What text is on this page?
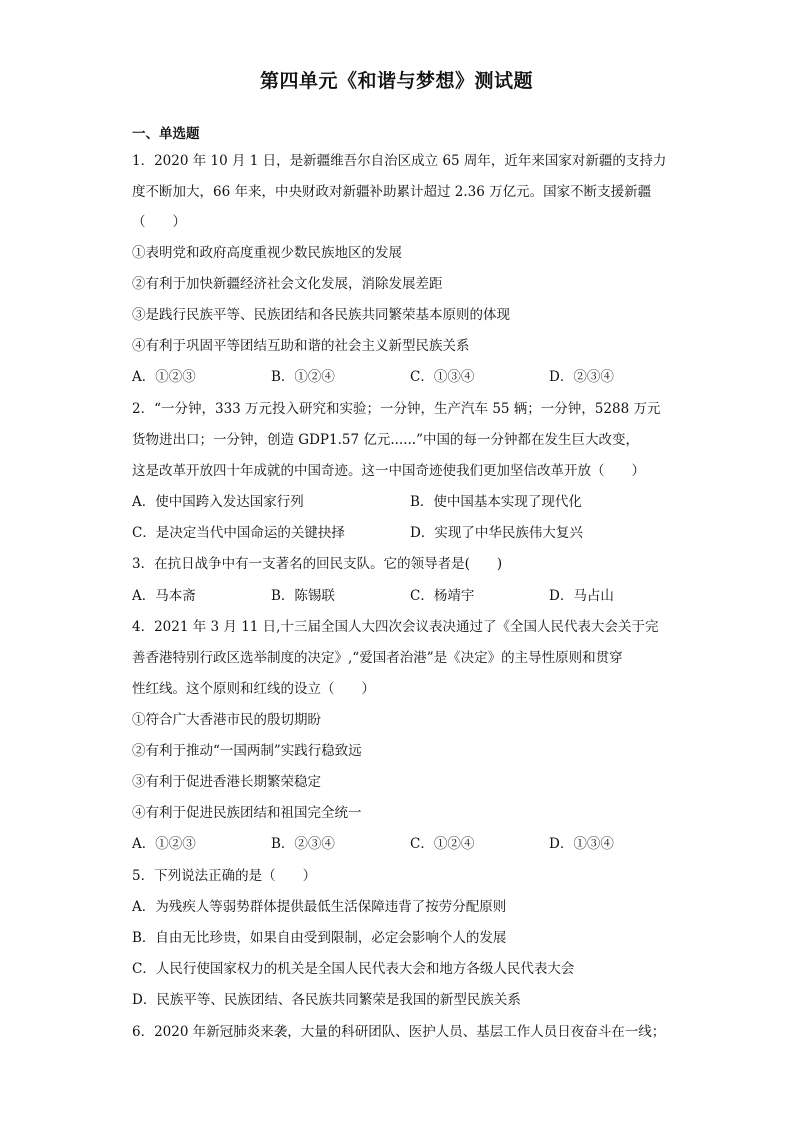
第四单元《和谐与梦想》测试题
一、单选题
1．2020 年 10 月 1 日，是新疆维吾尔自治区成立 65 周年，近年来国家对新疆的支持力
度不断加大，66 年来，中央财政对新疆补助累计超过 2.36 万亿元。国家不断支援新疆
（　　）
①表明党和政府高度重视少数民族地区的发展
②有利于加快新疆经济社会文化发展，消除发展差距
③是践行民族平等、民族团结和各民族共同繁荣基本原则的体现
④有利于巩固平等团结互助和谐的社会主义新型民族关系
A．①②③	B．①②④	C．①③④	D．②③④
2．“一分钟，333 万元投入研究和实验；一分钟，生产汽车 55 辆；一分钟，5288 万元
货物进出口；一分钟，创造 GDP1.57 亿元......”中国的每一分钟都在发生巨大改变，
这是改革开放四十年成就的中国奇迹。这一中国奇迹使我们更加坚信改革开放（　　）
A．使中国跨入发达国家行列	B．使中国基本实现了现代化
C．是决定当代中国命运的关键抉择	D．实现了中华民族伟大复兴
3．在抗日战争中有一支著名的回民支队。它的领导者是(　　)
A．马本斋	B．陈锡联	C．杨靖宇	D．马占山
4．2021 年 3 月 11 日,十三届全国人大四次会议表决通过了《全国人民代表大会关于完
善香港特别行政区选举制度的决定》,“爱国者治港”是《决定》的主导性原则和贯穿
性红线。这个原则和红线的设立（　　）
①符合广大香港市民的殷切期盼
②有利于推动“一国两制”实践行稳致远
③有利于促进香港长期繁荣稳定
④有利于促进民族团结和祖国完全统一
A．①②③	B．②③④	C．①②④	D．①③④
5．下列说法正确的是（　　）
A．为残疾人等弱势群体提供最低生活保障违背了按劳分配原则
B．自由无比珍贵，如果自由受到限制，必定会影响个人的发展
C．人民行使国家权力的机关是全国人民代表大会和地方各级人民代表大会
D．民族平等、民族团结、各民族共同繁荣是我国的新型民族关系
6．2020 年新冠肺炎来袭，大量的科研团队、医护人员、基层工作人员日夜奋斗在一线；
